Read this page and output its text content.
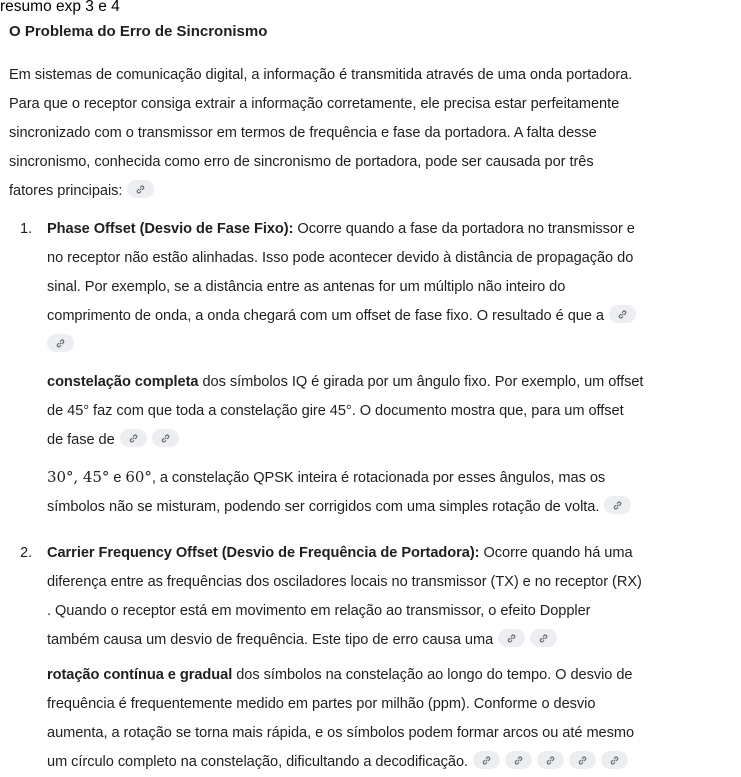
resumo exp 3 e 4
O Problema do Erro de Sincronismo
Em sistemas de comunicação digital, a informação é transmitida através de uma onda portadora.
Para que o receptor consiga extrair a informação corretamente, ele precisa estar perfeitamente
sincronizado com o transmissor em termos de frequência e fase da portadora. A falta desse
sincronismo, conhecida como erro de sincronismo de portadora, pode ser causada por três
fatores principais:
1. Phase Offset (Desvio de Fase Fixo): Ocorre quando a fase da portadora no transmissor e
no receptor não estão alinhadas. Isso pode acontecer devido à distância de propagação do
sinal. Por exemplo, se a distância entre as antenas for um múltiplo não inteiro do
comprimento de onda, a onda chegará com um offset de fase fixo. O resultado é que a

constelação completa dos símbolos IQ é girada por um ângulo fixo. Por exemplo, um offset
de 45° faz com que toda a constelação gire 45°. O documento mostra que, para um offset
de fase de
30°, 45° e 60°, a constelação QPSK inteira é rotacionada por esses ângulos, mas os
símbolos não se misturam, podendo ser corrigidos com uma simples rotação de volta.
2. Carrier Frequency Offset (Desvio de Frequência de Portadora): Ocorre quando há uma
diferença entre as frequências dos osciladores locais no transmissor (TX) e no receptor (RX)
. Quando o receptor está em movimento em relação ao transmissor, o efeito Doppler
também causa um desvio de frequência. Este tipo de erro causa uma
rotação contínua e gradual dos símbolos na constelação ao longo do tempo. O desvio de
frequência é frequentemente medido em partes por milhão (ppm). Conforme o desvio
aumenta, a rotação se torna mais rápida, e os símbolos podem formar arcos ou até mesmo
um círculo completo na constelação, dificultando a decodificação.
